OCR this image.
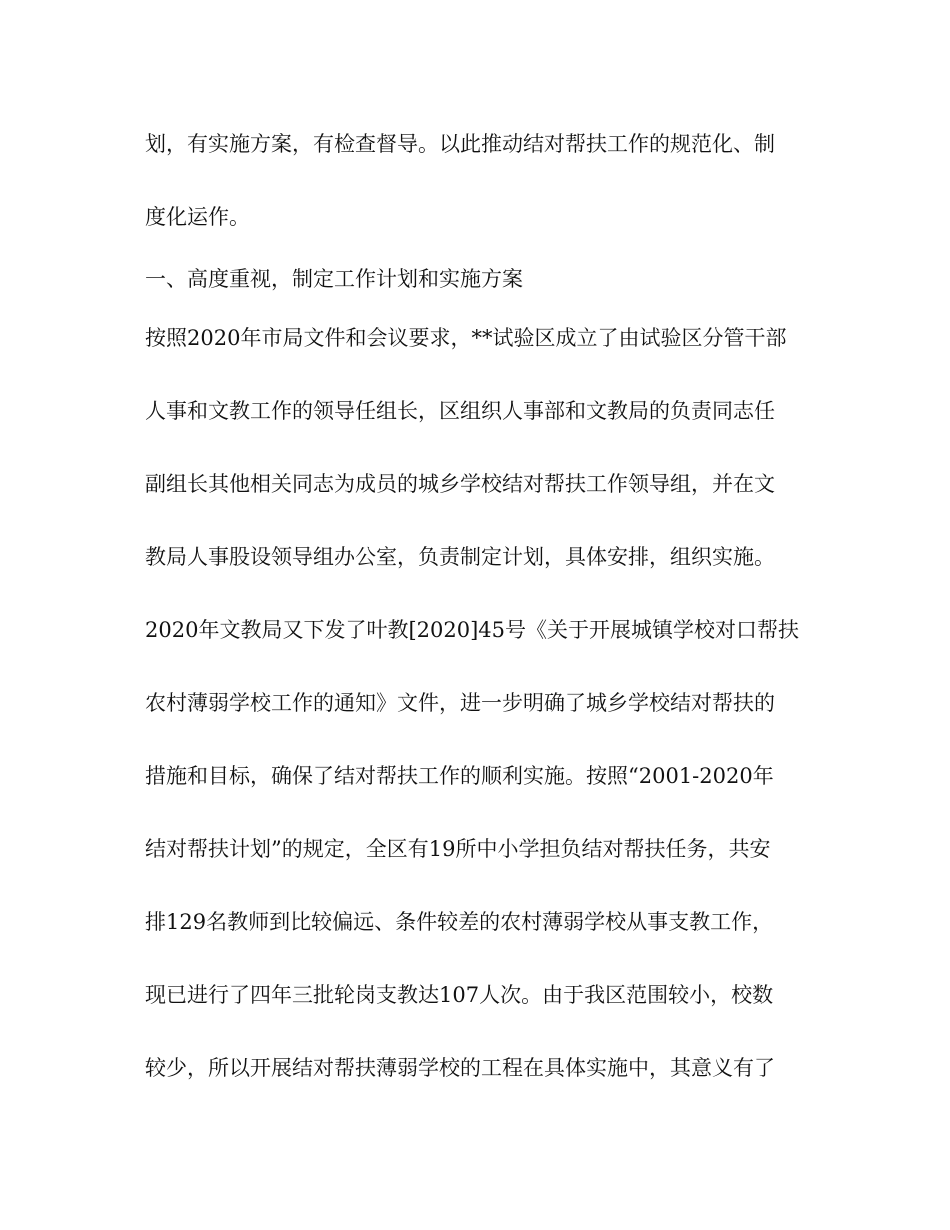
划，有实施方案，有检查督导。以此推动结对帮扶工作的规范化、制
度化运作。
一、高度重视，制定工作计划和实施方案
按照2020年市局文件和会议要求，**试验区成立了由试验区分管干部
人事和文教工作的领导任组长，区组织人事部和文教局的负责同志任
副组长其他相关同志为成员的城乡学校结对帮扶工作领导组，并在文
教局人事股设领导组办公室，负责制定计划，具体安排，组织实施。
2020年文教局又下发了叶教[2020]45号《关于开展城镇学校对口帮扶
农村薄弱学校工作的通知》文件，进一步明确了城乡学校结对帮扶的
措施和目标，确保了结对帮扶工作的顺利实施。按照“2001-2020年
结对帮扶计划”的规定，全区有19所中小学担负结对帮扶任务，共安
排129名教师到比较偏远、条件较差的农村薄弱学校从事支教工作，
现已进行了四年三批轮岗支教达107人次。由于我区范围较小，校数
较少，所以开展结对帮扶薄弱学校的工程在具体实施中，其意义有了
